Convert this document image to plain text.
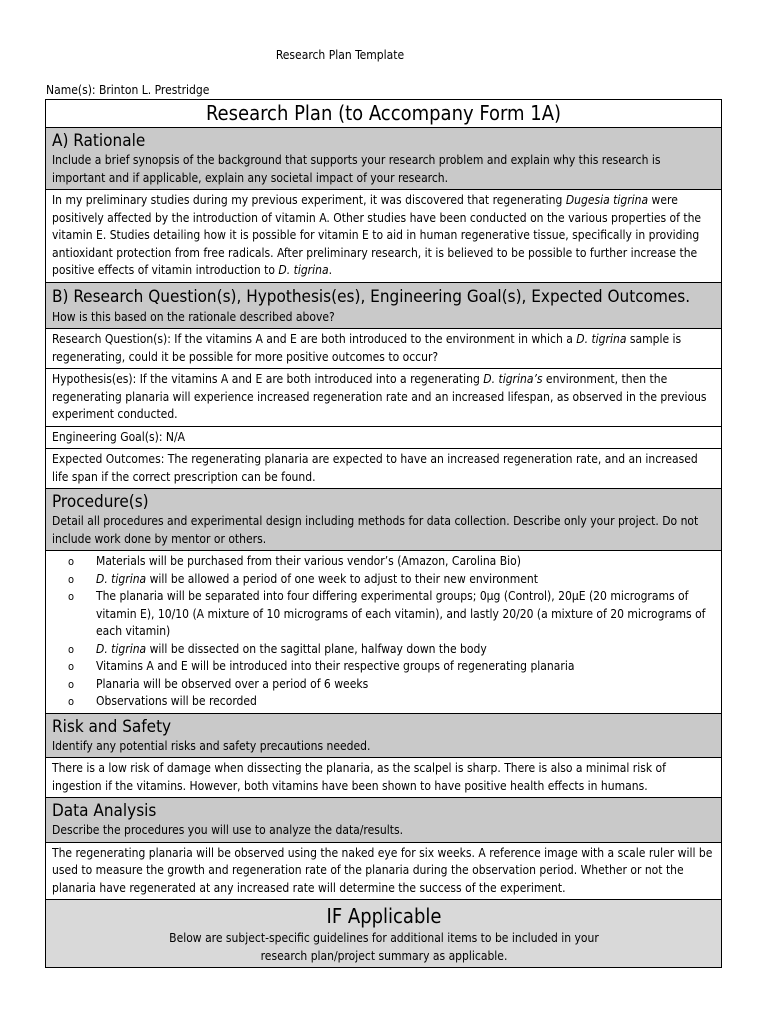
Research Plan Template
Name(s): Brinton L. Prestridge
Research Plan (to Accompany Form 1A)

A) Rationale
Include a brief synopsis of the background that supports your research problem and explain why this research is important and if applicable, explain any societal impact of your research.

In my preliminary studies during my previous experiment, it was discovered that regenerating Dugesia tigrina were positively affected by the introduction of vitamin A. Other studies have been conducted on the various properties of the vitamin E. Studies detailing how it is possible for vitamin E to aid in human regenerative tissue, specifically in providing antioxidant protection from free radicals. After preliminary research, it is believed to be possible to further increase the positive effects of vitamin introduction to D. tigrina.

B) Research Question(s), Hypothesis(es), Engineering Goal(s), Expected Outcomes.
How is this based on the rationale described above?

Research Question(s): If the vitamins A and E are both introduced to the environment in which a D. tigrina sample is regenerating, could it be possible for more positive outcomes to occur?
Hypothesis(es): If the vitamins A and E are both introduced into a regenerating D. tigrina’s environment, then the regenerating planaria will experience increased regeneration rate and an increased lifespan, as observed in the previous experiment conducted.
Engineering Goal(s): N/A
Expected Outcomes: The regenerating planaria are expected to have an increased regeneration rate, and an increased life span if the correct prescription can be found.

Procedure(s)
Detail all procedures and experimental design including methods for data collection. Describe only your project. Do not include work done by mentor or others.

o Materials will be purchased from their various vendor’s (Amazon, Carolina Bio)
o D. tigrina will be allowed a period of one week to adjust to their new environment
o The planaria will be separated into four differing experimental groups; 0μg (Control), 20μE (20 micrograms of vitamin E), 10/10 (A mixture of 10 micrograms of each vitamin), and lastly 20/20 (a mixture of 20 micrograms of each vitamin)
o D. tigrina will be dissected on the sagittal plane, halfway down the body
o Vitamins A and E will be introduced into their respective groups of regenerating planaria
o Planaria will be observed over a period of 6 weeks
o Observations will be recorded

Risk and Safety
Identify any potential risks and safety precautions needed.

There is a low risk of damage when dissecting the planaria, as the scalpel is sharp. There is also a minimal risk of ingestion if the vitamins. However, both vitamins have been shown to have positive health effects in humans.

Data Analysis
Describe the procedures you will use to analyze the data/results.

The regenerating planaria will be observed using the naked eye for six weeks. A reference image with a scale ruler will be used to measure the growth and regeneration rate of the planaria during the observation period. Whether or not the planaria have regenerated at any increased rate will determine the success of the experiment.

IF Applicable
Below are subject-specific guidelines for additional items to be included in your
research plan/project summary as applicable.
